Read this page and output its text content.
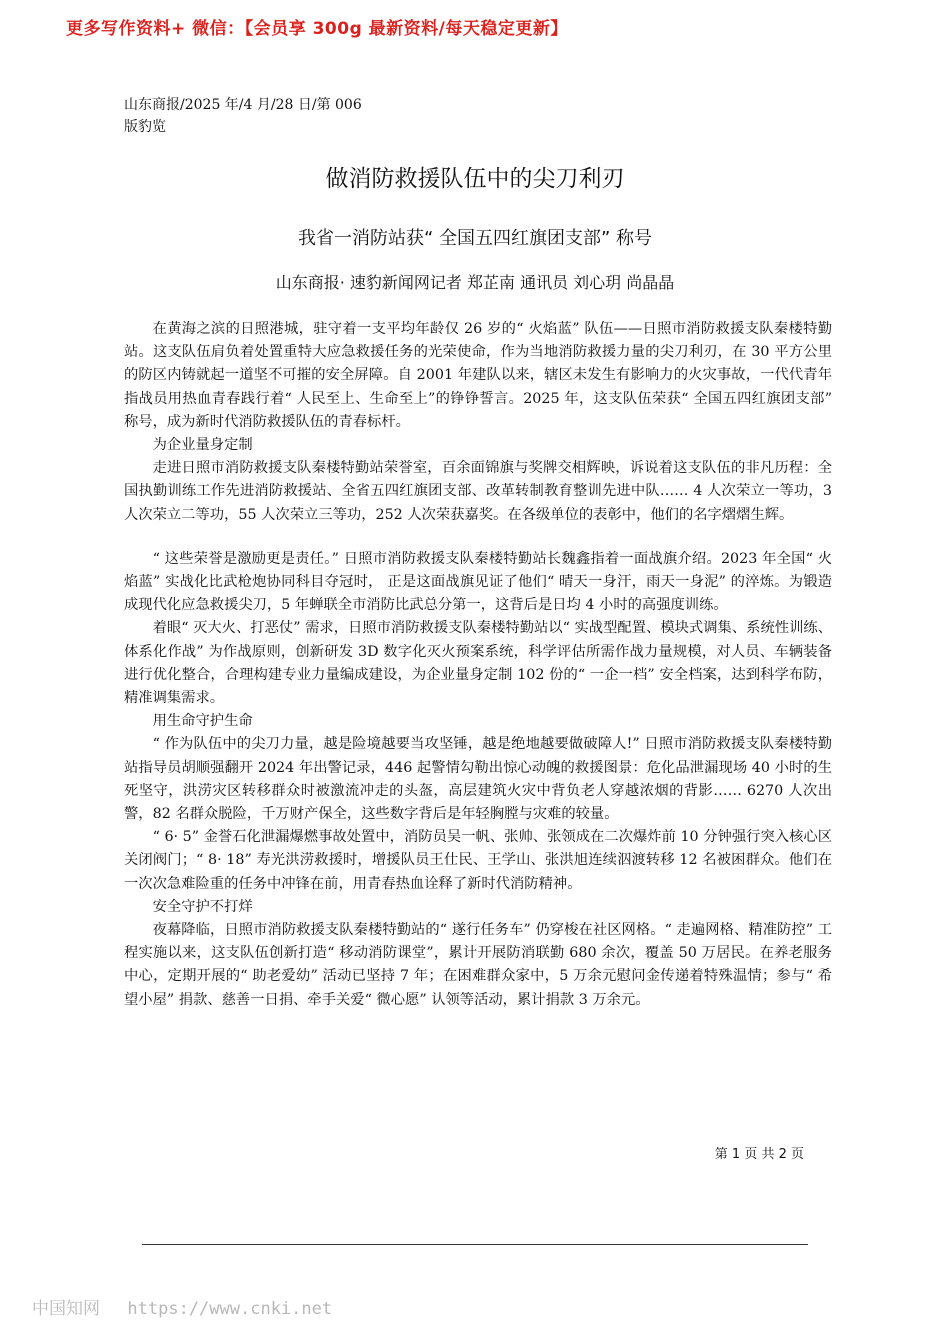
更多写作资料+ 微信：【会员享 300g 最新资料/每天稳定更新】
山东商报/2025 年/4 月/28 日/第 006
版豹览
做消防救援队伍中的尖刀利刃
我省一消防站获“ 全国五四红旗团支部” 称号
山东商报· 速豹新闻网记者 郑芷南 通讯员 刘心玥 尚晶晶

在黄海之滨的日照港城，驻守着一支平均年龄仅 26 岁的“ 火焰蓝” 队伍——日照市消防救援支队秦楼特勤站。这支队伍肩负着处置重特大应急救援任务的光荣使命，作为当地消防救援力量的尖刀利刃，在 30 平方公里的防区内铸就起一道坚不可摧的安全屏障。自 2001 年建队以来，辖区未发生有影响力的火灾事故，一代代青年指战员用热血青春践行着“ 人民至上、生命至上”的铮铮誓言。2025 年，这支队伍荣获“ 全国五四红旗团支部” 称号，成为新时代消防救援队伍的青春标杆。

为企业量身定制

走进日照市消防救援支队秦楼特勤站荣誉室，百余面锦旗与奖牌交相辉映，诉说着这支队伍的非凡历程：全国执勤训练工作先进消防救援站、全省五四红旗团支部、改革转制教育整训先进中队…… 4 人次荣立一等功，3 人次荣立二等功，55 人次荣立三等功，252 人次荣获嘉奖。在各级单位的表彰中，他们的名字熠熠生辉。

“ 这些荣誉是激励更是责任。” 日照市消防救援支队秦楼特勤站长魏鑫指着一面战旗介绍。2023 年全国“ 火焰蓝” 实战化比武枪炮协同科目夺冠时， 正是这面战旗见证了他们“ 晴天一身汗，雨天一身泥” 的淬炼。为锻造成现代化应急救援尖刀，5 年蝉联全市消防比武总分第一，这背后是日均 4 小时的高强度训练。

着眼“ 灭大火、打恶仗” 需求，日照市消防救援支队秦楼特勤站以“ 实战型配置、模块式调集、系统性训练、体系化作战” 为作战原则，创新研发 3D 数字化灭火预案系统，科学评估所需作战力量规模，对人员、车辆装备进行优化整合，合理构建专业力量编成建设，为企业量身定制 102 份的“ 一企一档” 安全档案，达到科学布防，精准调集需求。

用生命守护生命

“ 作为队伍中的尖刀力量，越是险境越要当攻坚锤，越是绝地越要做破障人!” 日照市消防救援支队秦楼特勤站指导员胡顺强翻开 2024 年出警记录，446 起警情勾勒出惊心动魄的救援图景：危化品泄漏现场 40 小时的生死坚守，洪涝灾区转移群众时被激流冲走的头盔，高层建筑火灾中背负老人穿越浓烟的背影…… 6270 人次出警，82 名群众脱险，千万财产保全，这些数字背后是年轻胸膛与灾难的较量。

“ 6· 5” 金誉石化泄漏爆燃事故处置中，消防员吴一帆、张帅、张领成在二次爆炸前 10 分钟强行突入核心区关闭阀门；“ 8· 18” 寿光洪涝救援时，增援队员王仕民、王学山、张洪旭连续泅渡转移 12 名被困群众。他们在一次次急难险重的任务中冲锋在前，用青春热血诠释了新时代消防精神。

安全守护不打烊

夜幕降临，日照市消防救援支队秦楼特勤站的“ 遂行任务车” 仍穿梭在社区网格。“ 走遍网格、精准防控” 工程实施以来，这支队伍创新打造“ 移动消防课堂”，累计开展防消联勤 680 余次，覆盖 50 万居民。在养老服务中心，定期开展的“ 助老爱幼” 活动已坚持 7 年；在困难群众家中，5 万余元慰问金传递着特殊温情；参与“ 希望小屋” 捐款、慈善一日捐、牵手关爱“ 微心愿” 认领等活动，累计捐款 3 万余元。

第 1 页 共 2 页
中国知网 https://www.cnki.net
